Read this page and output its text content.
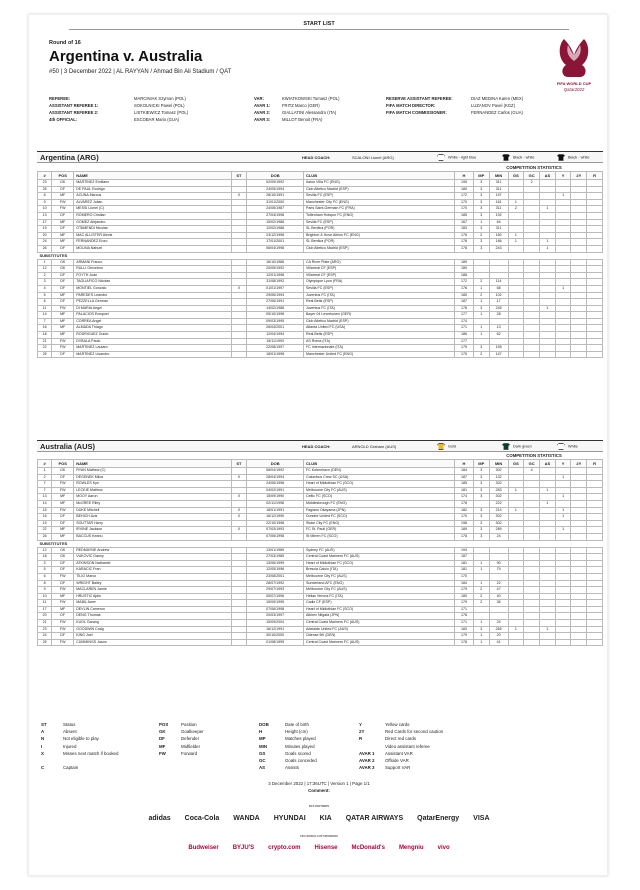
START LIST
Round of 16
Argentina v. Australia
#50 | 3 December 2022 | AL RAYYAN / Ahmad Bin Ali Stadium / QAT
FIFA WORLD CUP
Qatar2022
REFEREE:	MARCINIAK Szymon (POL)
ASSISTANT REFEREE 1:	SOKOLNICKI Pawel (POL)
ASSISTANT REFEREE 2:	LISTKIEWICZ Tomasz (POL)
4th OFFICIAL:	ESCOBAR Mario (GUA)
VAR:	KWIATKOWSKI Tomasz (POL)
AVAR 1:	FRITZ Marco (GER)
AVAR 2:	GIALLATINI Alessandro (ITA)
AVAR 3:	MILLOT Benoit (FRA)
RESERVE ASSISTANT REFEREE:	DIAZ MEDINA Karen (MEX)
FIFA MATCH DIRECTOR:	LUZANOV Pavel (KGZ)
FIFA MATCH COMMISSIONER:	FERNANDEZ Carlos (GUA)
Argentina (ARG)	HEAD COACH:	SCALONI Lionel (ARG)	White - light blue	Black - white	Black - white
COMPETITION STATISTICS
#	POS	NAME	ST	DOB	CLUB	H	MP	MIN	GS	GC	AS	Y	2Y	R
23	GK	MARTINEZ Emiliano		02/09/1992	Aston Villa FC (ENG)	195	3	311		2				
26	DF	DE PAUL Rodrigo		24/05/1994	Club Atletico Madrid (ESP)	180	3	311						
8	MF	ACUNA Marcos	X	28/10/1991	Sevilla FC (ESP)	172	3	197				1		
9	FW	ALVAREZ Julian		31/01/2000	Manchester City FC (ENG)	170	3	161	1					
10	FW	MESSI Lionel (C)		24/06/1987	Paris Saint-Germain FC (FRA)	170	3	311	2		1			
13	DF	ROMERO Cristian		27/04/1998	Tottenham Hotspur FC (ENG)	185	3	192						
17	MF	GOMEZ Alejandro		15/02/1988	Sevilla FC (ESP)	167	1	64						
19	DF	OTAMENDI Nicolas		12/02/1988	SL Benfica (POR)	183	3	311						
20	MF	MAC ALLISTER Alexis		24/12/1998	Brighton & Hove Albion FC (ENG)	176	2	160	1					
24	MF	FERNANDEZ Enzo		17/01/2001	SL Benfica (POR)	178	3	166	1		1			
26	DF	MOLINA Nahuel		06/04/1998	Club Atletico Madrid (ESP)	178	3	243			1			
SUBSTITUTES														
1	GK	ARMANI Franco		16/10/1986	CA River Plate (ARG)	189								
12	GK	RULLI Geronimo		20/05/1992	Villarreal CF (ESP)	189								
2	DF	FOYTH Juan		12/01/1998	Villarreal CF (ESP)	188								
3	DF	TAGLIAFICO Nicolas		31/08/1992	Olympique Lyon (FRA)	172	2	114						
4	DF	MONTIEL Gonzalo	X	01/01/1997	Sevilla FC (ESP)	176	1	68				1		
5	MF	PAREDES Leandro		29/06/1994	Juventus FC (ITA)	180	2	102						
6	DF	PEZZELLA German		27/06/1991	Real Betis (ESP)	187	1	17						
11	FW	DI MARIA Angel		14/02/1988	Juventus FC (ITA)	178	3	245			1			
14	MF	PALACIOS Exequiel		05/10/1998	Bayer 04 Leverkusen (GER)	177	1	28						
7	MF	CORREA Angel		09/03/1995	Club Atletico Madrid (ESP)	174								
16	MF	ALMADA Thiago		26/04/2001	Atlanta United FC (USA)	171	1	13						
18	MF	RODRIGUEZ Guido		12/04/1994	Real Betis (ESP)	186	1	62						
21	FW	DYBALA Paulo		15/11/1993	AS Roma (ITA)	177								
22	FW	MARTINEZ Lautaro		22/08/1997	FC Internazionale (ITA)	175	3	195						
25	DF	MARTINEZ Lisandro		18/01/1998	Manchester United FC (ENG)	175	2	147						
Australia (AUS)	HEAD COACH:	ARNOLD Graham (AUS)	Gold	Dark green	White
COMPETITION STATISTICS
#	POS	NAME	ST	DOB	CLUB	H	MP	MIN	GS	GC	AS	Y	2Y	R
1	GK	RYAN Mathew (C)		08/04/1992	FC Kobenhavn (DEN)	184	3	302		4				
2	DF	DEGENEK Milos	X	28/04/1994	Columbus Crew SC (USA)	187	3	132				1		
7	FW	ROWLES Kye		24/06/1998	Heart of Midlothian FC (SCO)	185	3	302						
7	FW	LECKIE Mathew		04/02/1991	Melbourne City FC (AUS)	181	3	283	1		1			
13	MF	MOOY Aaron	X	15/09/1990	Celtic FC (SCO)	174	3	302				1		
14	MF	McGREE Riley		02/11/1998	Middlesbrough FC (ENG)	178		222			1			
15	FW	DUKE Mitchell	X	18/01/1991	Fagiano Okayama (JPN)	182	3	214	1			1		
16	DF	BEHICH Aziz	X	16/12/1990	Dundee United FC (SCO)	170	3	302				1		
19	DF	SOUTTAR Harry		22/10/1998	Stoke City FC (ENG)	198	3	302						
22	MF	IRVINE Jackson	X	07/03/1993	FC St. Pauli (GER)	189	3	289				1		
26	MF	BACCUS Keanu		07/06/1998	St Mirren FC (SCO)	178	3	24						
SUBSTITUTES														
12	GK	REDMAYNE Andrew		13/01/1989	Sydney FC (AUS)	194								
18	GK	VUKOVIC Danny		27/03/1985	Central Coast Mariners FC (AUS)	187								
3	DF	ATKINSON Nathaniel		13/06/1999	Heart of Midlothian FC (SCO)	181	1	90						
5	DF	KARACIC Fran		12/05/1996	Brescia Calcio (ITA)	181	1	79						
6	FW	TILIO Marco		23/08/2001	Melbourne City FC (AUS)	170								
8	DF	WRIGHT Bailey		28/07/1992	Sunderland AFC (ENG)	184	1	22						
9	FW	MACLAREN Jamie		29/07/1993	Melbourne City FC (AUS)	179	2	47						
10	MF	HRUSTIC Ajdin		05/07/1996	Hellas Verona FC (ITA)	180	2	40						
11	FW	MABIL Awer		15/09/1995	Cadiz CF (ESP)	179	2	36						
17	MF	DEVLIN Cameron		07/06/1998	Heart of Midlothian FC (SCO)	171								
20	DF	DENG Thomas		20/03/1997	Albirex Niigata (JPN)	178								
21	FW	KUOL Garang		15/09/2004	Central Coast Mariners FC (AUS)	171	1	24						
23	FW	GOODWIN Craig		16/12/1991	Adelaide United FC (AUS)	183	3	265	1		1			
24	DF	KING Joel		30/10/2000	Odense BK (DEN)	179	1	20						
25	FW	CUMMINGS Jason		01/08/1995	Central Coast Mariners FC (AUS)	178	1	41						
ST	Status
A	Absent
N	Not eligible to play
I	Injured
X	Misses next match if booked
C	Captain
POS	Position
GK	Goalkeeper
DF	Defender
MF	Midfielder
FW	Forward
DOB	Date of birth
H	Height (cm)
MP	Matches played
MIN	Minutes played
GS	Goals scored
GC	Goals conceded
AS	Assists
Y	Yellow cards
2Y	Red Cards for second caution
R	Direct red cards
Video assistant referee
AVAR 1 Assistant VAR
AVAR 2 Offside VAR
AVAR 3 Support VAR
3 December 2022 | 17:36UTC | Version 1 | Page 1/1
Comment:
FIFA PARTNERS
adidas Coca-Cola WANDA HYUNDAI KIA QATAR AIRWAYS QatarEnergy VISA
FIFA WORLD CUP SPONSORS
Budweiser BYJU'S crypto.com Hisense McDonald's Mengniu vivo
